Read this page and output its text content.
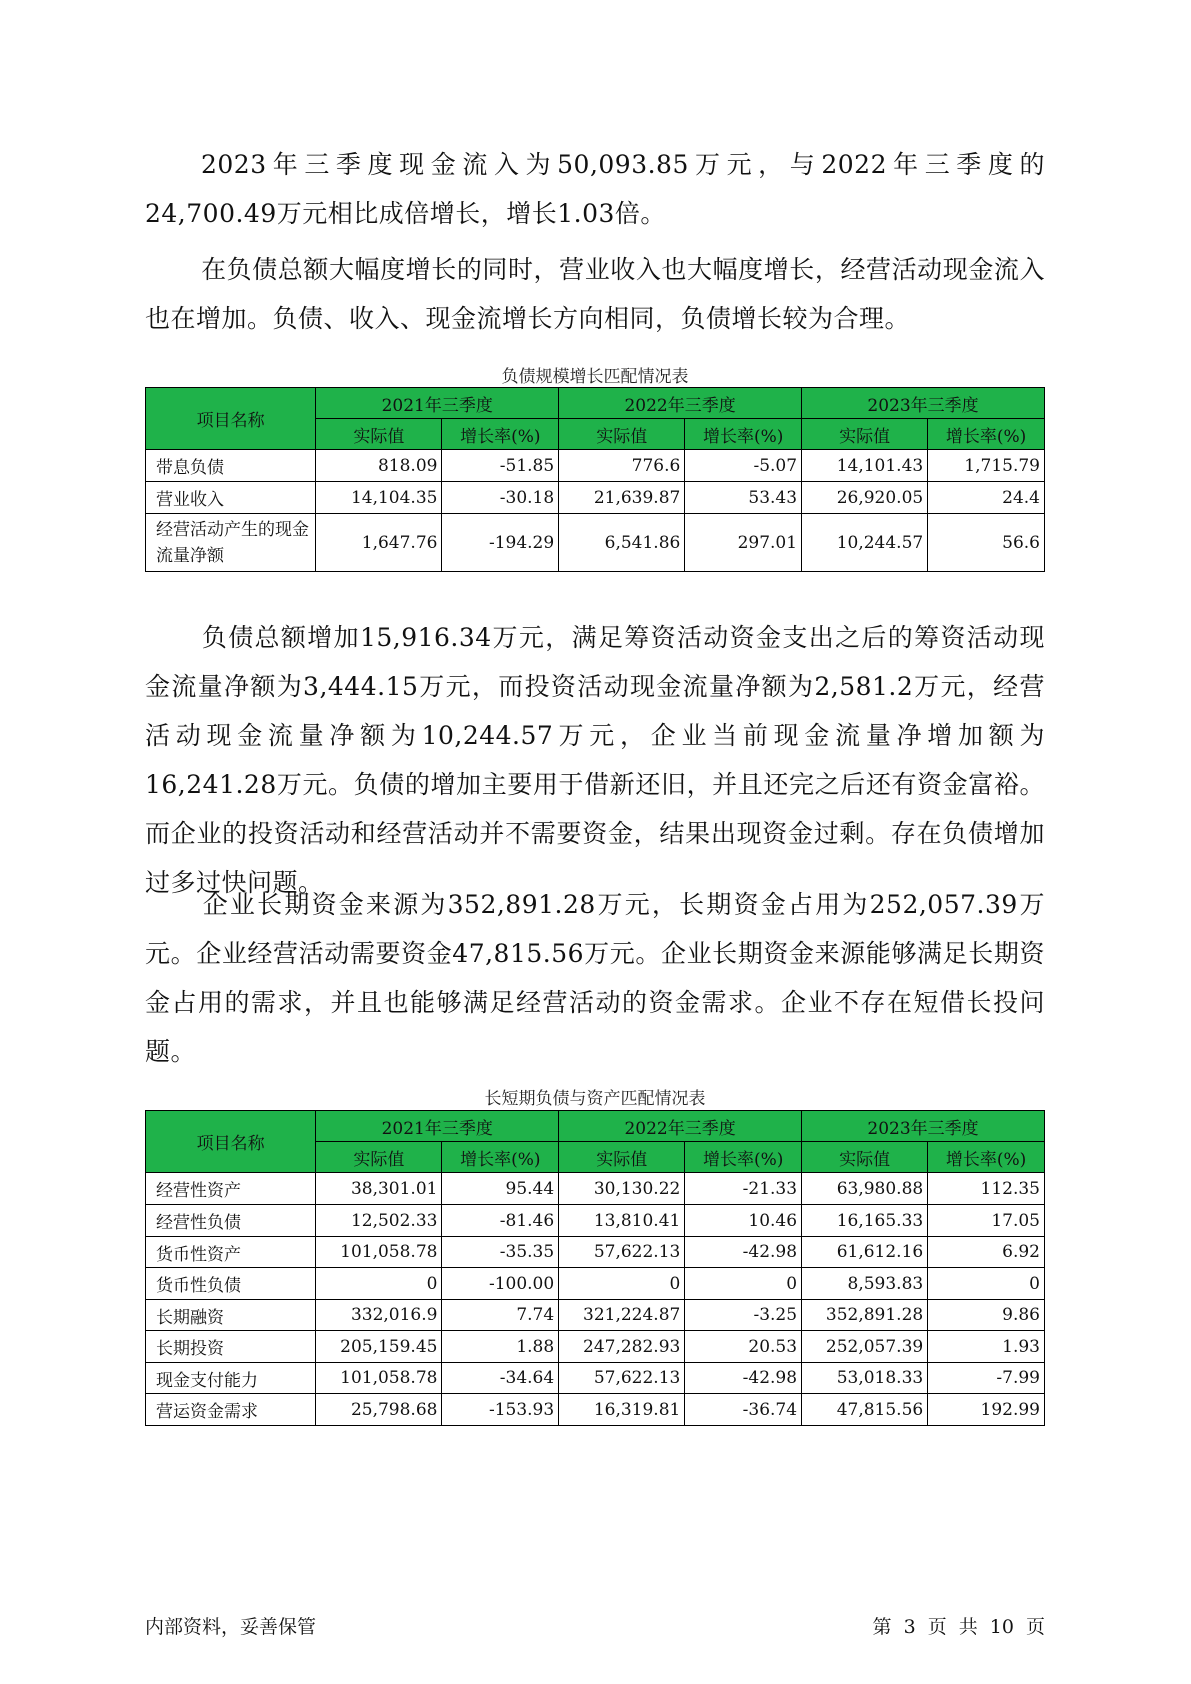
2023年三季度现金流入为50,093.85万元，与2022年三季度的24,700.49万元相比成倍增长，增长1.03倍。
在负债总额大幅度增长的同时，营业收入也大幅度增长，经营活动现金流入也在增加。负债、收入、现金流增长方向相同，负债增长较为合理。
负债规模增长匹配情况表
项目名称	2021年三季度		2022年三季度		2023年三季度	
	实际值	增长率(%)	实际值	增长率(%)	实际值	增长率(%)
带息负债	818.09	-51.85	776.6	-5.07	14,101.43	1,715.79
营业收入	14,104.35	-30.18	21,639.87	53.43	26,920.05	24.4
经营活动产生的现金流量净额	1,647.76	-194.29	6,541.86	297.01	10,244.57	56.6
负债总额增加15,916.34万元，满足筹资活动资金支出之后的筹资活动现金流量净额为3,444.15万元，而投资活动现金流量净额为2,581.2万元，经营活动现金流量净额为10,244.57万元，企业当前现金流量净增加额为16,241.28万元。负债的增加主要用于借新还旧，并且还完之后还有资金富裕。而企业的投资活动和经营活动并不需要资金，结果出现资金过剩。存在负债增加过多过快问题。
企业长期资金来源为352,891.28万元，长期资金占用为252,057.39万元。企业经营活动需要资金47,815.56万元。企业长期资金来源能够满足长期资金占用的需求，并且也能够满足经营活动的资金需求。企业不存在短借长投问题。
长短期负债与资产匹配情况表
项目名称	2021年三季度		2022年三季度		2023年三季度	
	实际值	增长率(%)	实际值	增长率(%)	实际值	增长率(%)
经营性资产	38,301.01	95.44	30,130.22	-21.33	63,980.88	112.35
经营性负债	12,502.33	-81.46	13,810.41	10.46	16,165.33	17.05
货币性资产	101,058.78	-35.35	57,622.13	-42.98	61,612.16	6.92
货币性负债	0	-100.00	0	0	8,593.83	0
长期融资	332,016.9	7.74	321,224.87	-3.25	352,891.28	9.86
长期投资	205,159.45	1.88	247,282.93	20.53	252,057.39	1.93
现金支付能力	101,058.78	-34.64	57,622.13	-42.98	53,018.33	-7.99
营运资金需求	25,798.68	-153.93	16,319.81	-36.74	47,815.56	192.99
内部资料，妥善保管	第 3 页 共 10 页
